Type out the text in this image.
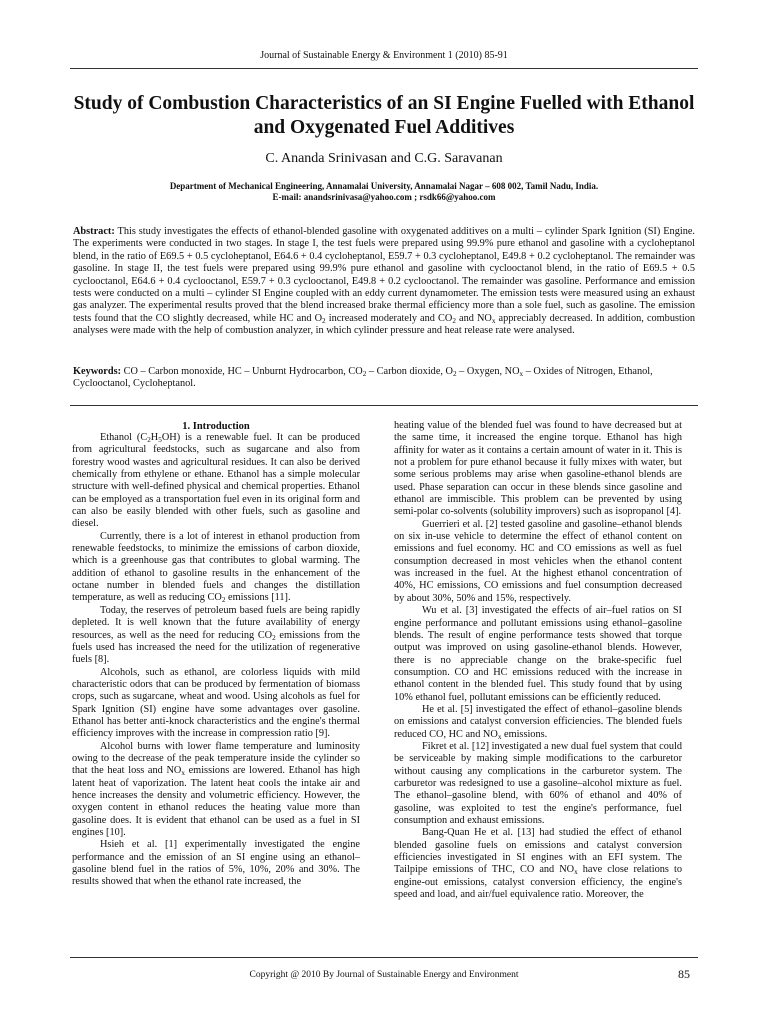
Journal of Sustainable Energy & Environment 1 (2010) 85-91
Study of Combustion Characteristics of an SI Engine Fuelled with Ethanol and Oxygenated Fuel Additives
C. Ananda Srinivasan and C.G. Saravanan
Department of Mechanical Engineering, Annamalai University, Annamalai Nagar – 608 002, Tamil Nadu, India.
E-mail: anandsrinivasa@yahoo.com ; rsdk66@yahoo.com
Abstract: This study investigates the effects of ethanol-blended gasoline with oxygenated additives on a multi – cylinder Spark Ignition (SI) Engine. The experiments were conducted in two stages. In stage I, the test fuels were prepared using 99.9% pure ethanol and gasoline with a cycloheptanol blend, in the ratio of E69.5 + 0.5 cycloheptanol, E64.6 + 0.4 cycloheptanol, E59.7 + 0.3 cycloheptanol, E49.8 + 0.2 cycloheptanol. The remainder was gasoline. In stage II, the test fuels were prepared using 99.9% pure ethanol and gasoline with cyclooctanol blend, in the ratio of E69.5 + 0.5 cyclooctanol, E64.6 + 0.4 cyclooctanol, E59.7 + 0.3 cyclooctanol, E49.8 + 0.2 cyclooctanol. The remainder was gasoline. Performance and emission tests were conducted on a multi – cylinder SI Engine coupled with an eddy current dynamometer. The emission tests were measured using an exhaust gas analyzer. The experimental results proved that the blend increased brake thermal efficiency more than a sole fuel, such as gasoline. The emission tests found that the CO slightly decreased, while HC and $O_2$ increased moderately and $CO_2$ and $NO_x$ appreciably decreased. In addition, combustion analyses were made with the help of combustion analyzer, in which cylinder pressure and heat release rate were analysed.
Keywords: CO – Carbon monoxide, HC – Unburnt Hydrocarbon, $CO_2$ – Carbon dioxide, $O_2$ – Oxygen, $NO_x$ – Oxides of Nitrogen, Ethanol, Cyclooctanol, Cycloheptanol.
1. Introduction

Ethanol $(C_2H_5OH)$ is a renewable fuel. It can be produced from agricultural feedstocks, such as sugarcane and also from forestry wood wastes and agricultural residues. It can also be derived chemically from ethylene or ethane. Ethanol has a simple molecular structure with well-defined physical and chemical properties. Ethanol can be employed as a transportation fuel even in its original form and can also be easily blended with other fuels, such as gasoline and diesel.

Currently, there is a lot of interest in ethanol production from renewable feedstocks, to minimize the emissions of carbon dioxide, which is a greenhouse gas that contributes to global warming. The addition of ethanol to gasoline results in the enhancement of the octane number in blended fuels and changes the distillation temperature, as well as reducing $CO_2$ emissions [11].

Today, the reserves of petroleum based fuels are being rapidly depleted. It is well known that the future availability of energy resources, as well as the need for reducing $CO_2$ emissions from the fuels used has increased the need for the utilization of regenerative fuels [8].

Alcohols, such as ethanol, are colorless liquids with mild characteristic odors that can be produced by fermentation of biomass crops, such as sugarcane, wheat and wood. Using alcohols as fuel for Spark Ignition (SI) engine have some advantages over gasoline. Ethanol has better anti-knock characteristics and the engine's thermal efficiency improves with the increase in compression ratio [9].

Alcohol burns with lower flame temperature and luminosity owing to the decrease of the peak temperature inside the cylinder so that the heat loss and $NO_x$ emissions are lowered. Ethanol has high latent heat of vaporization. The latent heat cools the intake air and hence increases the density and volumetric efficiency. However, the oxygen content in ethanol reduces the heating value more than gasoline does. It is evident that ethanol can be used as a fuel in SI engines [10].

Hsieh et al. [1] experimentally investigated the engine performance and the emission of an SI engine using an ethanol–gasoline blend fuel in the ratios of 5%, 10%, 20% and 30%. The results showed that when the ethanol rate increased, the

heating value of the blended fuel was found to have decreased but at the same time, it increased the engine torque. Ethanol has high affinity for water as it contains a certain amount of water in it. This is not a problem for pure ethanol because it fully mixes with water, but some serious problems may arise when gasoline-ethanol blends are used. Phase separation can occur in these blends since gasoline and ethanol are immiscible. This problem can be prevented by using semi-polar co-solvents (solubility improvers) such as isopropanol [4].

Guerrieri et al. [2] tested gasoline and gasoline–ethanol blends on six in-use vehicle to determine the effect of ethanol content on emissions and fuel economy. HC and CO emissions as well as fuel consumption decreased in most vehicles when the ethanol content was increased in the fuel. At the highest ethanol concentration of 40%, HC emissions, CO emissions and fuel consumption decreased by about 30%, 50% and 15%, respectively.

Wu et al. [3] investigated the effects of air–fuel ratios on SI engine performance and pollutant emissions using ethanol–gasoline blends. The result of engine performance tests showed that torque output was improved on using gasoline-ethanol blends. However, there is no appreciable change on the brake-specific fuel consumption. CO and HC emissions reduced with the increase in ethanol content in the blended fuel. This study found that by using 10% ethanol fuel, pollutant emissions can be efficiently reduced.

He et al. [5] investigated the effect of ethanol–gasoline blends on emissions and catalyst conversion efficiencies. The blended fuels reduced CO, HC and $NO_x$ emissions.

Fikret et al. [12] investigated a new dual fuel system that could be serviceable by making simple modifications to the carburetor without causing any complications in the carburetor system. The carburetor was redesigned to use a gasoline–alcohol mixture as fuel. The ethanol–gasoline blend, with 60% of ethanol and 40% of gasoline, was exploited to test the engine's performance, fuel consumption and exhaust emissions.

Bang-Quan He et al. [13] had studied the effect of ethanol blended gasoline fuels on emissions and catalyst conversion efficiencies investigated in SI engines with an EFI system. The Tailpipe emissions of THC, CO and $NO_x$ have close relations to engine-out emissions, catalyst conversion efficiency, the engine's speed and load, and air/fuel equivalence ratio. Moreover, the

Copyright @ 2010 By Journal of Sustainable Energy and Environment	85
